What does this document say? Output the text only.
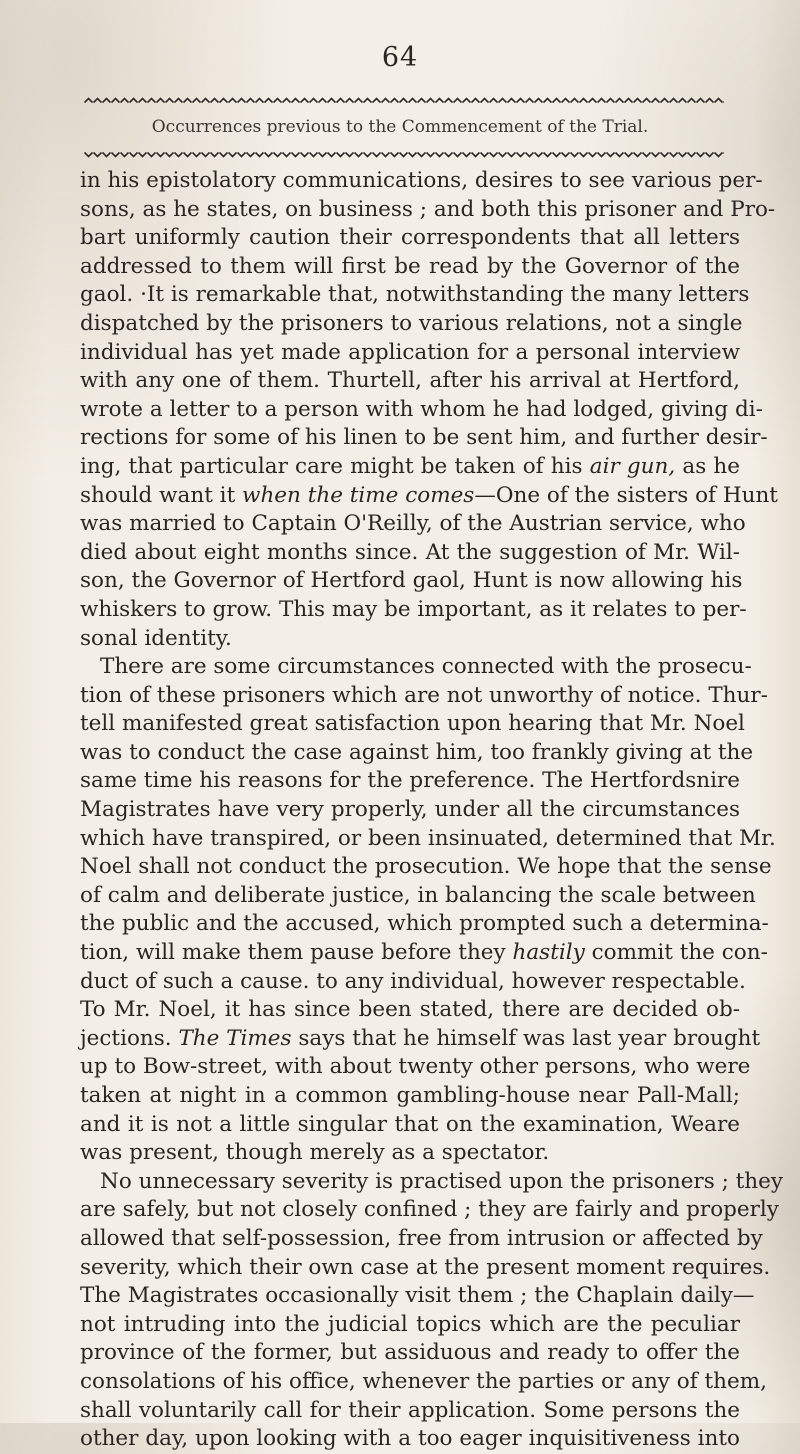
64
Occurrences previous to the Commencement of the Trial.
in his epistolatory communications, desires to see various per-
sons, as he states, on business ; and both this prisoner and Pro-
bart uniformly caution their correspondents that all letters
addressed to them will first be read by the Governor of the
gaol. ·It is remarkable that, notwithstanding the many letters
dispatched by the prisoners to various relations, not a single
individual has yet made application for a personal interview
with any one of them. Thurtell, after his arrival at Hertford,
wrote a letter to a person with whom he had lodged, giving di-
rections for some of his linen to be sent him, and further desir-
ing, that particular care might be taken of his air gun, as he
should want it when the time comes—One of the sisters of Hunt
was married to Captain O'Reilly, of the Austrian service, who
died about eight months since. At the suggestion of Mr. Wil-
son, the Governor of Hertford gaol, Hunt is now allowing his
whiskers to grow. This may be important, as it relates to per-
sonal identity.
There are some circumstances connected with the prosecu-
tion of these prisoners which are not unworthy of notice. Thur-
tell manifested great satisfaction upon hearing that Mr. Noel
was to conduct the case against him, too frankly giving at the
same time his reasons for the preference. The Hertfordsnire
Magistrates have very properly, under all the circumstances
which have transpired, or been insinuated, determined that Mr.
Noel shall not conduct the prosecution. We hope that the sense
of calm and deliberate justice, in balancing the scale between
the public and the accused, which prompted such a determina-
tion, will make them pause before they hastily commit the con-
duct of such a cause. to any individual, however respectable.
To Mr. Noel, it has since been stated, there are decided ob-
jections. The Times says that he himself was last year brought
up to Bow-street, with about twenty other persons, who were
taken at night in a common gambling-house near Pall-Mall;
and it is not a little singular that on the examination, Weare
was present, though merely as a spectator.
No unnecessary severity is practised upon the prisoners ; they
are safely, but not closely confined ; they are fairly and properly
allowed that self-possession, free from intrusion or affected by
severity, which their own case at the present moment requires.
The Magistrates occasionally visit them ; the Chaplain daily—
not intruding into the judicial topics which are the peculiar
province of the former, but assiduous and ready to offer the
consolations of his office, whenever the parties or any of them,
shall voluntarily call for their application. Some persons the
other day, upon looking with a too eager inquisitiveness into
